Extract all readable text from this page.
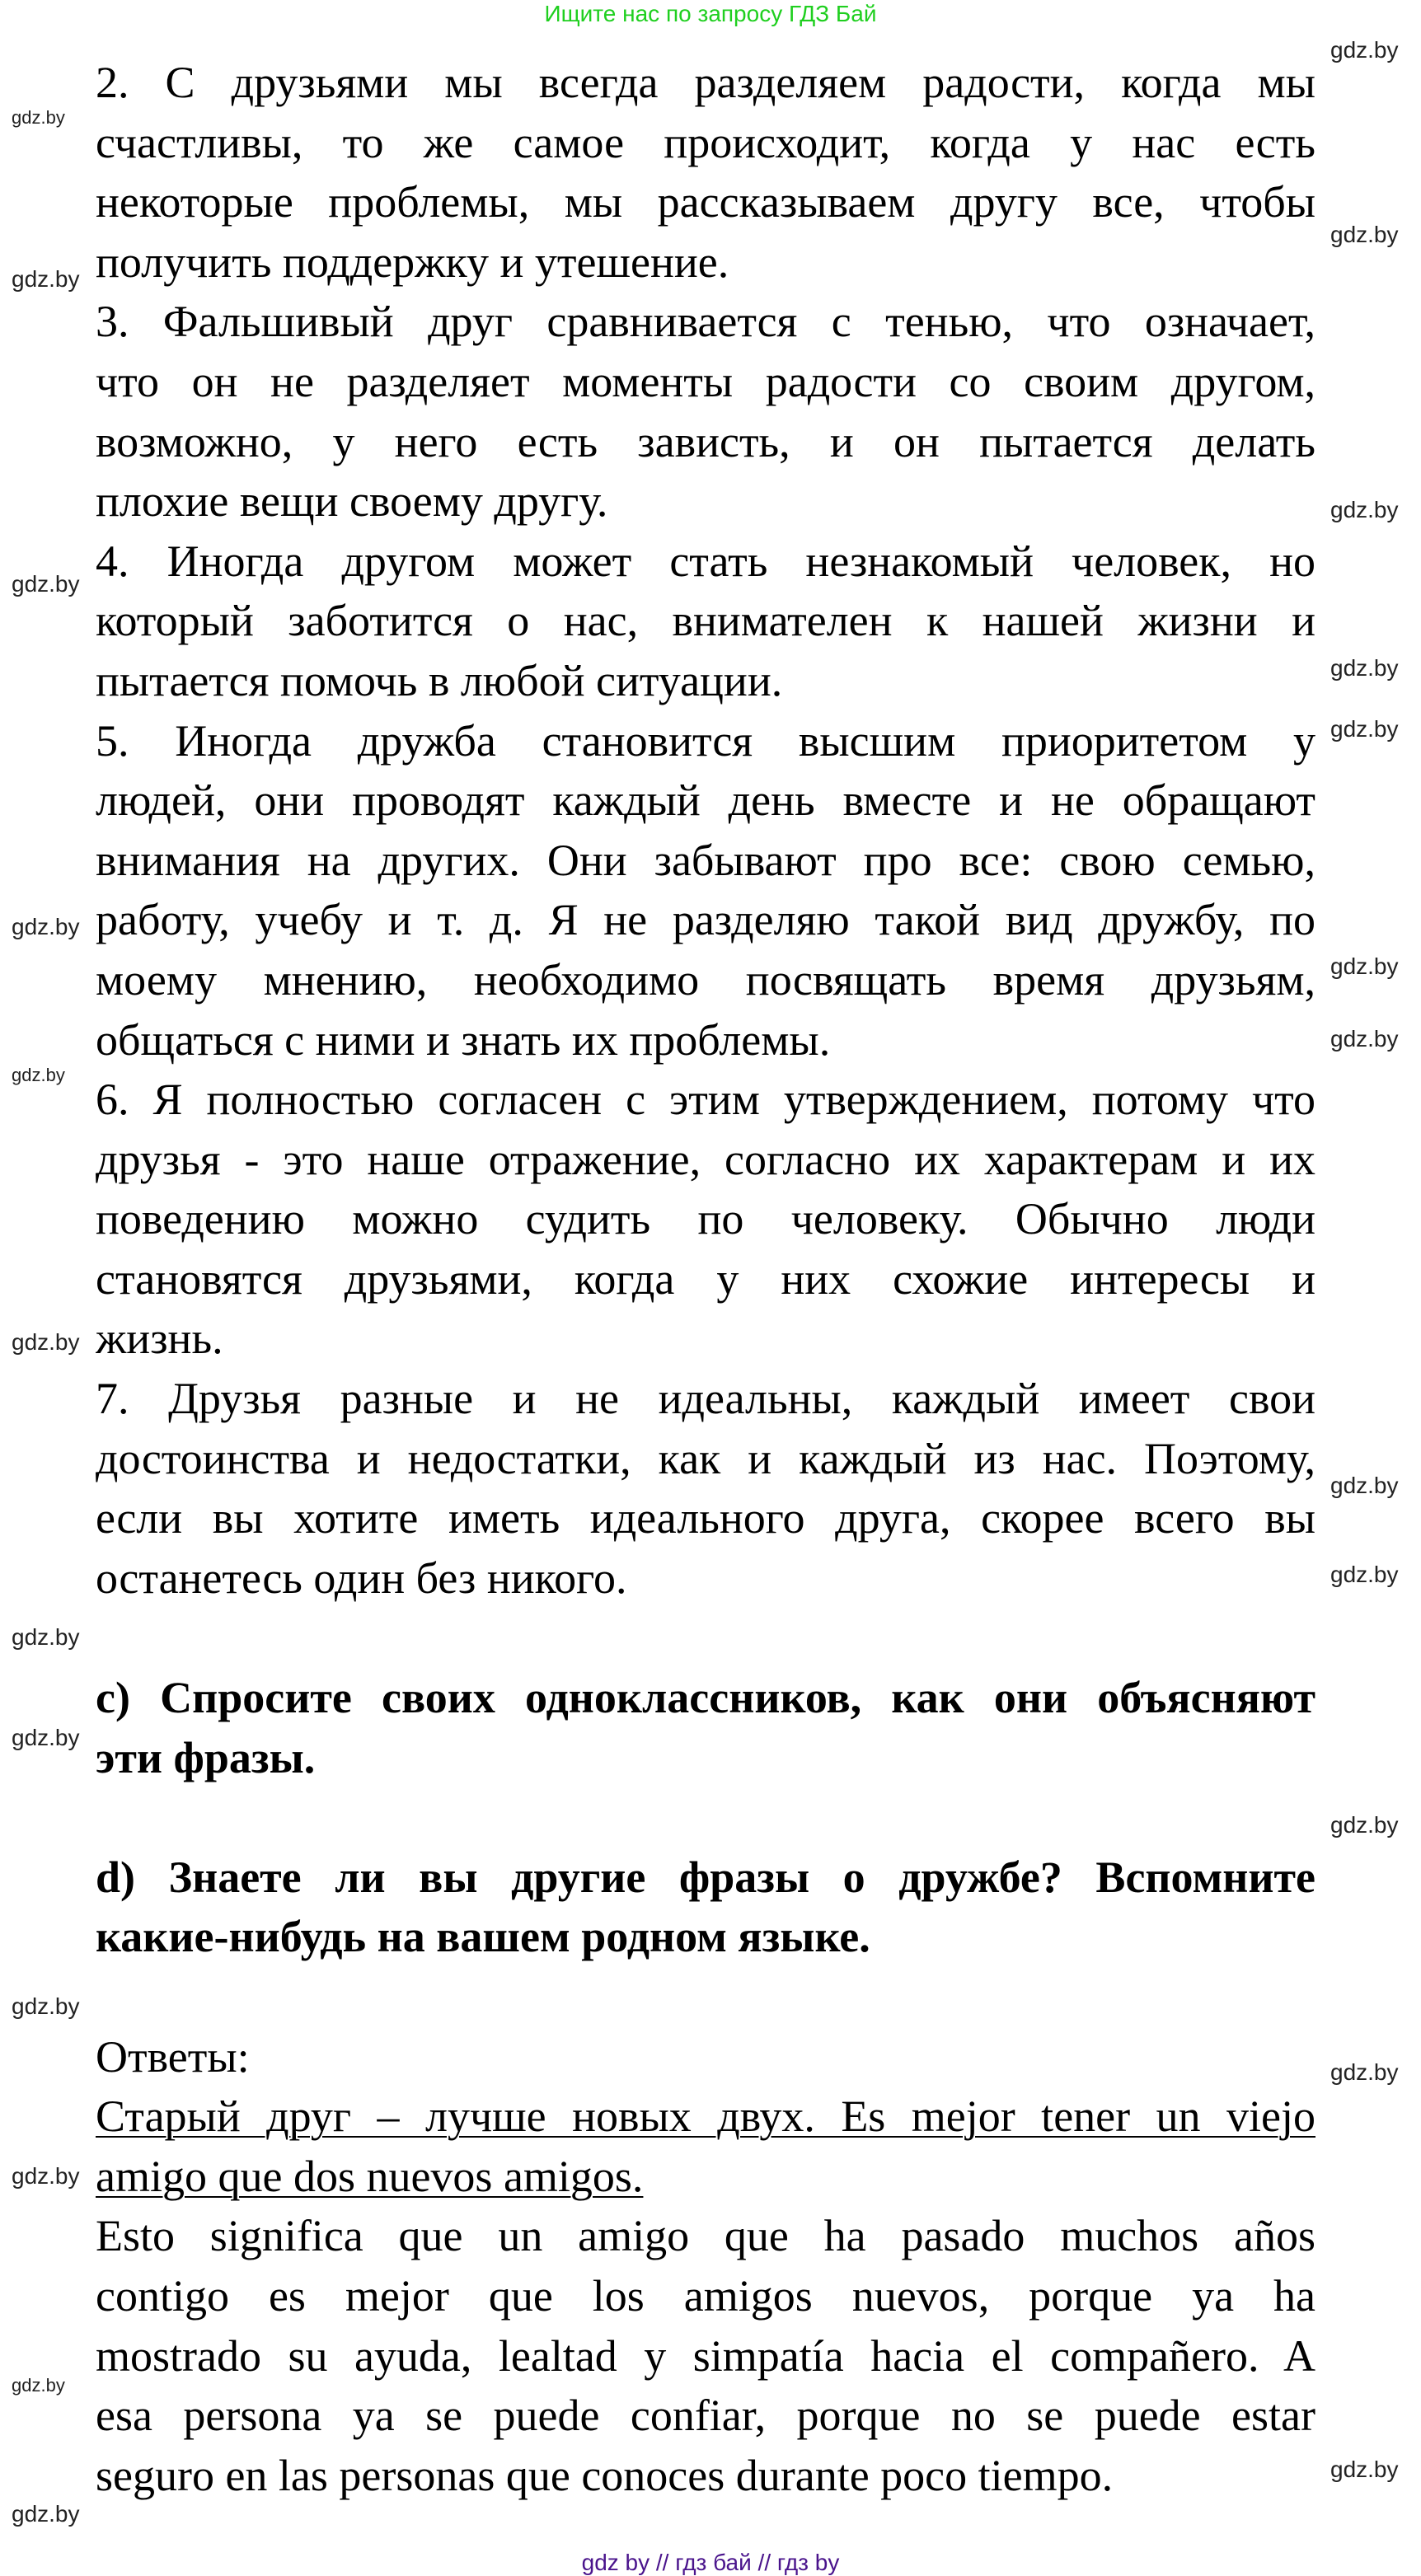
Ищите нас по запросу ГДЗ Бай
2. С друзьями мы всегда разделяем радости, когда мы
счастливы, то же самое происходит, когда у нас есть
некоторые проблемы, мы рассказываем другу все, чтобы
получить поддержку и утешение.
3. Фальшивый друг сравнивается с тенью, что означает,
что он не разделяет моменты радости со своим другом,
возможно, у него есть зависть, и он пытается делать
плохие вещи своему другу.
4. Иногда другом может стать незнакомый человек, но
который заботится о нас, внимателен к нашей жизни и
пытается помочь в любой ситуации.
5. Иногда дружба становится высшим приоритетом у
людей, они проводят каждый день вместе и не обращают
внимания на других. Они забывают про все: свою семью,
работу, учебу и т. д. Я не разделяю такой вид дружбу, по
моему мнению, необходимо посвящать время друзьям,
общаться с ними и знать их проблемы.
6. Я полностью согласен с этим утверждением, потому что
друзья - это наше отражение, согласно их характерам и их
поведению можно судить по человеку. Обычно люди
становятся друзьями, когда у них схожие интересы и
жизнь.
7. Друзья разные и не идеальны, каждый имеет свои
достоинства и недостатки, как и каждый из нас. Поэтому,
если вы хотите иметь идеального друга, скорее всего вы
останетесь один без никого.
c) Спросите своих одноклассников, как они объясняют
эти фразы.
d) Знаете ли вы другие фразы о дружбе? Вспомните
какие-нибудь на вашем родном языке.
Ответы:
Старый друг – лучше новых двух. Es mejor tener un viejo
amigo que dos nuevos amigos.
Esto significa que un amigo que ha pasado muchos años
contigo es mejor que los amigos nuevos, porque ya ha
mostrado su ayuda, lealtad y simpatía hacia el compañero. A
esa persona ya se puede confiar, porque no se puede estar
seguro en las personas que conoces durante poco tiempo.
gdz.by
gdz.by
gdz.by
gdz.by
gdz.by
gdz.by
gdz.by
gdz.by
gdz.by
gdz.by
gdz.by
gdz.by
gdz.by
gdz.by
gdz.by
gdz.by
gdz.by
gdz.by
gdz.by
gdz.by
gdz.by
gdz.by
gdz.by
gdz.by
gdz by // гдз бай // гдз by
